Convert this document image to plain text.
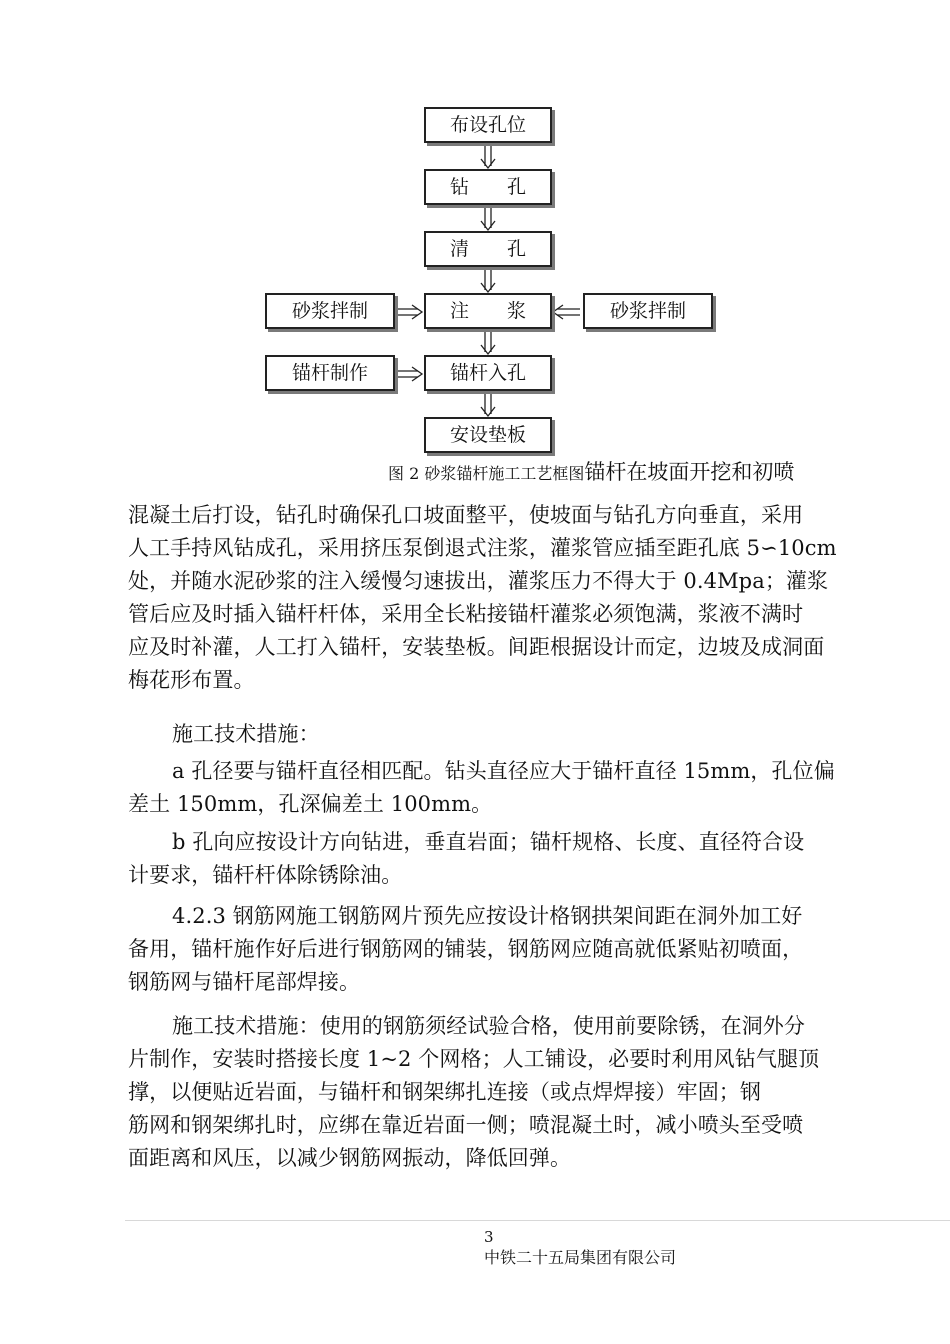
布设孔位
钻　　孔
清　　孔
注　　浆
锚杆入孔
安设垫板
砂浆拌制	砂浆拌制
锚杆制作
图 2 砂浆锚杆施工工艺框图锚杆在坡面开挖和初喷
混凝土后打设，钻孔时确保孔口坡面整平，使坡面与钻孔方向垂直，采用
人工手持风钻成孔，采用挤压泵倒退式注浆，灌浆管应插至距孔底 5∽10cm
处，并随水泥砂浆的注入缓慢匀速拔出，灌浆压力不得大于 0.4Mpa；灌浆
管后应及时插入锚杆杆体，采用全长粘接锚杆灌浆必须饱满，浆液不满时
应及时补灌，人工打入锚杆，安装垫板。间距根据设计而定，边坡及成洞面
梅花形布置。
施工技术措施：
a 孔径要与锚杆直径相匹配。钻头直径应大于锚杆直径 15mm，孔位偏
差土 150mm，孔深偏差土 100mm。
b 孔向应按设计方向钻进，垂直岩面；锚杆规格、长度、直径符合设
计要求，锚杆杆体除锈除油。
4.2.3 钢筋网施工钢筋网片预先应按设计格钢拱架间距在洞外加工好
备用，锚杆施作好后进行钢筋网的铺装，钢筋网应随高就低紧贴初喷面，
钢筋网与锚杆尾部焊接。
施工技术措施：使用的钢筋须经试验合格，使用前要除锈，在洞外分
片制作，安装时搭接长度 1~2 个网格；人工铺设，必要时利用风钻气腿顶
撑，以便贴近岩面，与锚杆和钢架绑扎连接（或点焊焊接）牢固；钢
筋网和钢架绑扎时，应绑在靠近岩面一侧；喷混凝土时，减小喷头至受喷
面距离和风压，以减少钢筋网振动，降低回弹。
3
中铁二十五局集团有限公司
